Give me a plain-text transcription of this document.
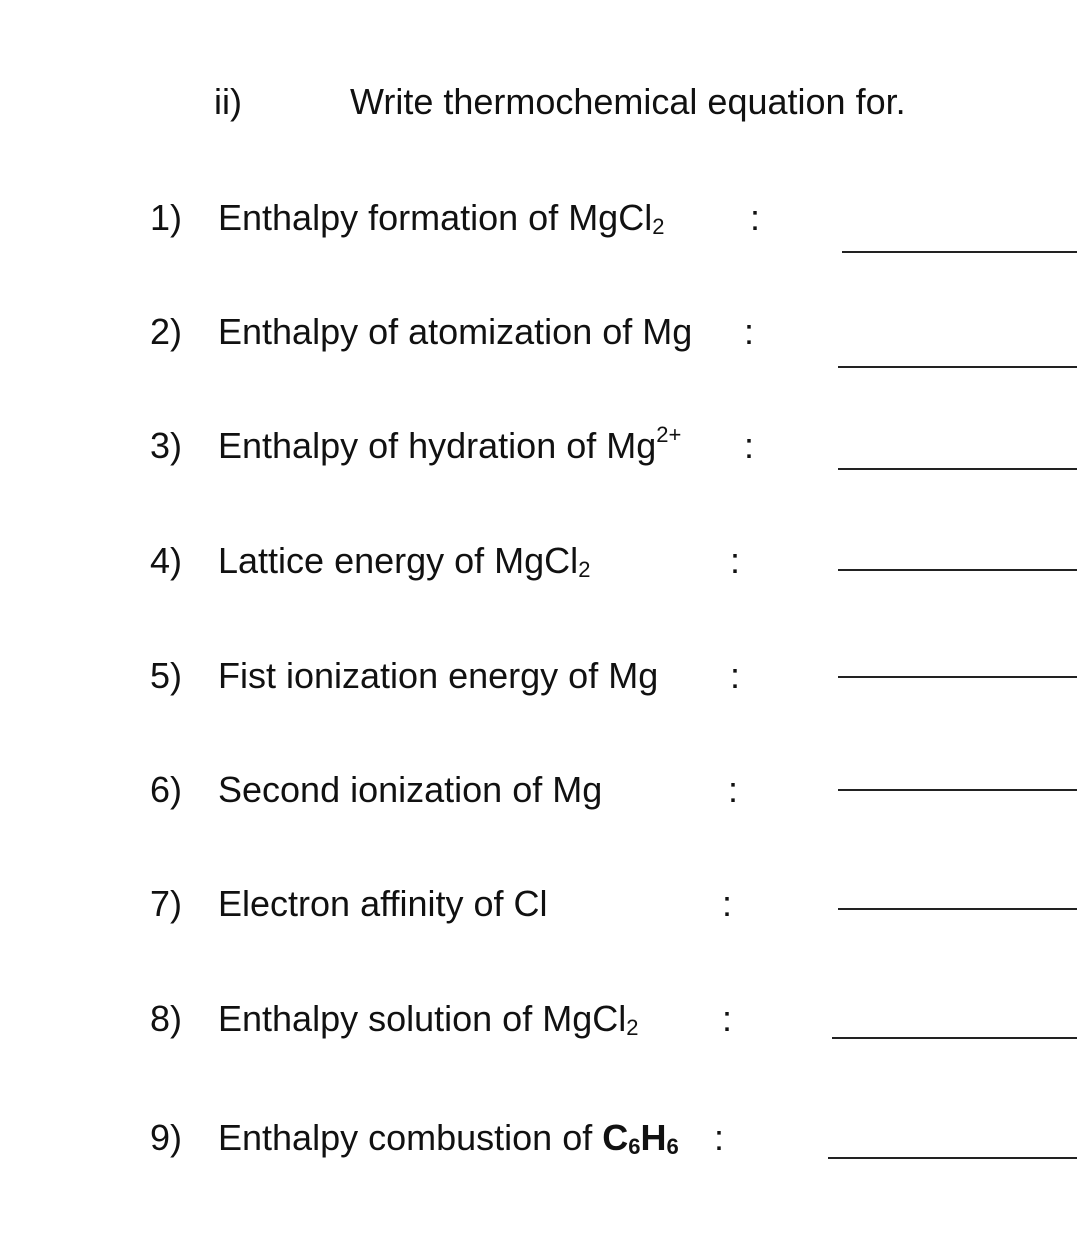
ii)	Write thermochemical equation for.
1) Enthalpy formation of MgCl$_2$ :
2) Enthalpy of atomization of Mg :
3) Enthalpy of hydration of $Mg^{2+}$ :
4) Lattice energy of MgCl$_2$	:
5) Fist ionization energy of Mg :
6) Second ionization of Mg	:
7) Electron affinity of Cl	:
8) Enthalpy solution of MgCl$_2$ :
9) Enthalpy combustion of $C_6H_6$ :
